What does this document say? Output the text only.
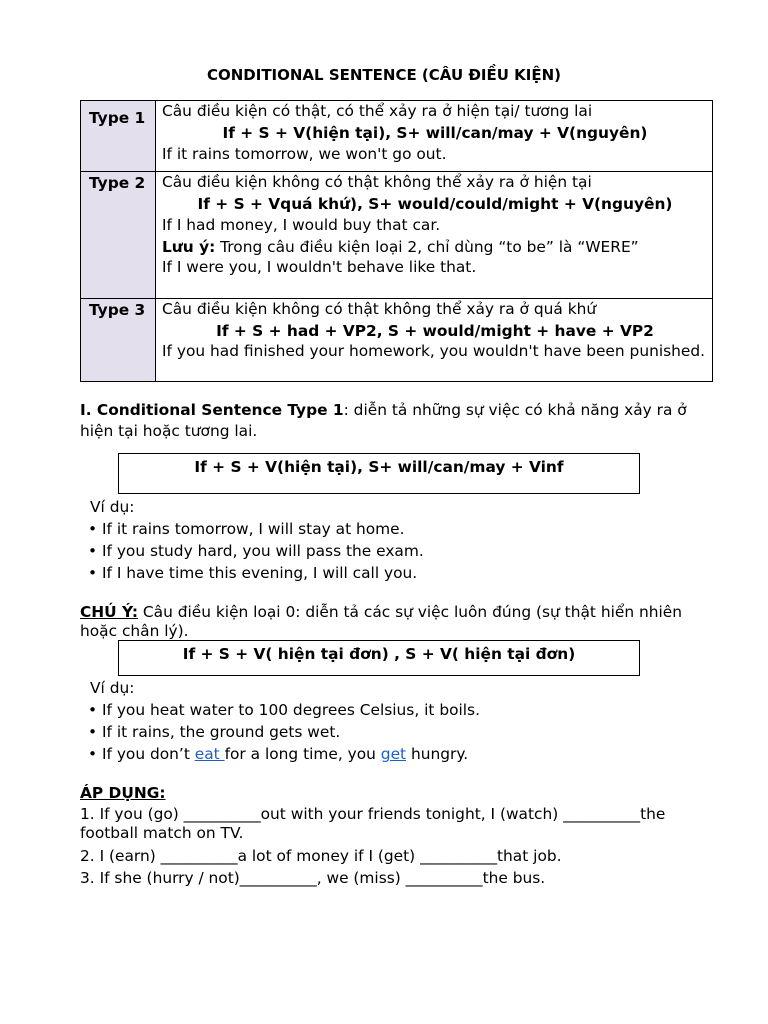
CONDITIONAL SENTENCE (CÂU ĐIỀU KIỆN)
Type 1	Câu điều kiện có thật, có thể xảy ra ở hiện tại/ tương lai
If + S + V(hiện tại), S+ will/can/may + V(nguyên)
If it rains tomorrow, we won't go out.

Type 2	Câu điều kiện không có thật không thể xảy ra ở hiện tại
If + S + Vquá khứ), S+ would/could/might + V(nguyên)
If I had money, I would buy that car.
Lưu ý: Trong câu điều kiện loại 2, chỉ dùng “to be” là “WERE”
If I were you, I wouldn't behave like that.

Type 3	Câu điều kiện không có thật không thể xảy ra ở quá khứ
If + S + had + VP2, S + would/might + have + VP2
If you had finished your homework, you wouldn't have been punished.
I. Conditional Sentence Type 1: diễn tả những sự việc có khả năng xảy ra ở hiện tại hoặc tương lai.
If + S + V(hiện tại), S+ will/can/may + Vinf
Ví dụ:
• If it rains tomorrow, I will stay at home.
• If you study hard, you will pass the exam.
• If I have time this evening, I will call you.
CHÚ Ý: Câu điều kiện loại 0: diễn tả các sự việc luôn đúng (sự thật hiển nhiên hoặc chân lý).
If + S + V( hiện tại đơn) , S + V( hiện tại đơn)
Ví dụ:
• If you heat water to 100 degrees Celsius, it boils.
• If it rains, the ground gets wet.
• If you don’t eat for a long time, you get hungry.
ÁP DỤNG:
1. If you (go) __________out with your friends tonight, I (watch) __________the football match on TV.
2. I (earn) __________a lot of money if I (get) __________that job.
3. If she (hurry / not)__________, we (miss) __________the bus.
